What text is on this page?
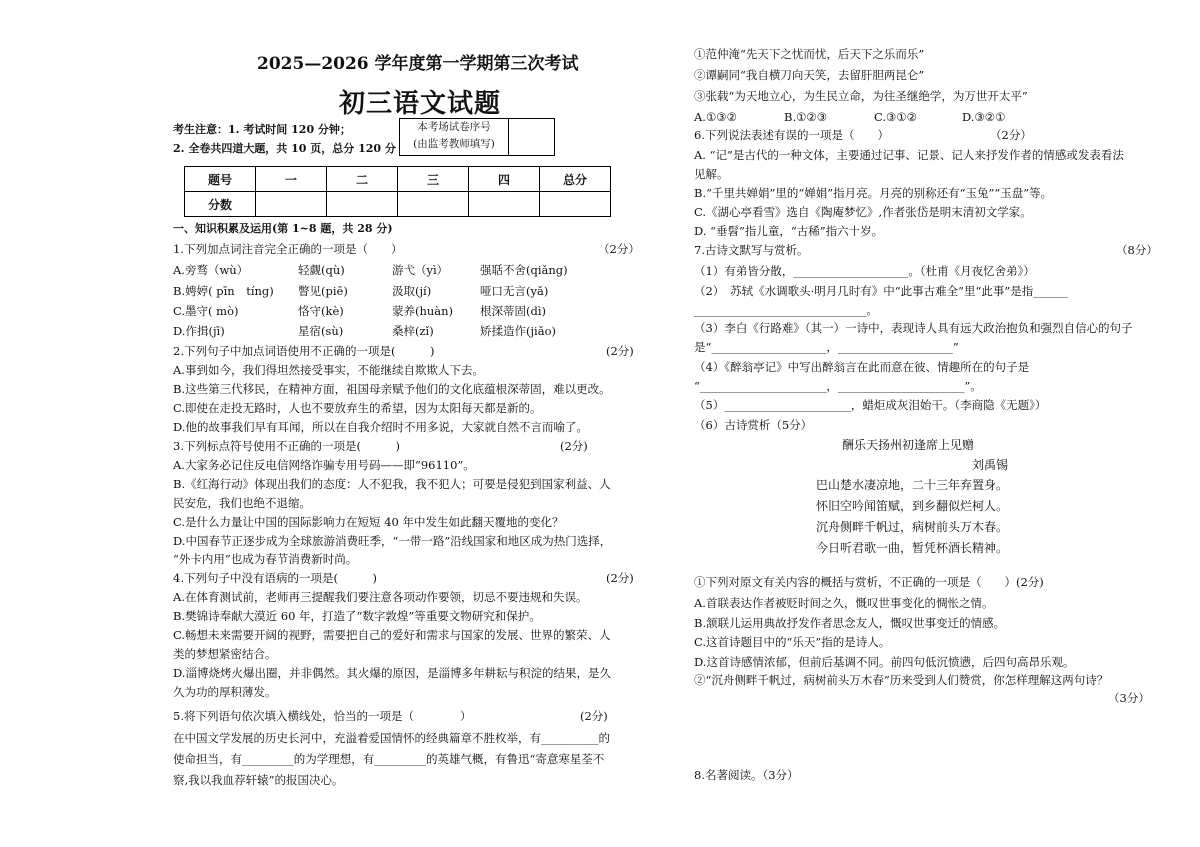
2025—2026 学年度第一学期第三次考试
初三语文试题
考生注意：1. 考试时间 120 分钟；
2. 全卷共四道大题，共 10 页，总分 120 分
本考场试卷序号
(由监考教师填写)
题号	一	二	三	四	总分
分数					
一、知识积累及运用(第 1~8 题，共 28 分)
1.下列加点词注音完全正确的一项是（　　）	（2分）
A.旁骛（wù）	轻觑(qù)	游弋（yì）	强聒不舍(qiǎng)
B.娉婷( pīn　tíng) 瞥见(piē)	汲取(jí)	哑口无言(yǎ)
C.墨守( mò)	恪守(kè)	蒙养(huàn) 根深蒂固(dì)
D.作揖(jī)	星宿(sù)	桑梓(zǐ)	矫揉造作(jiǎo)
2.下列句子中加点词语使用不正确的一项是(　　　)	(2分)
A.事到如今，我们得坦然接受事实，不能继续自欺欺人下去。
B.这些第三代移民，在精神方面，祖国母亲赋予他们的文化底蕴根深蒂固，难以更改。
C.即使在走投无路时，人也不要放弃生的希望，因为太阳每天都是新的。
D.他的故事我们早有耳闻，所以在自我介绍时不用多说，大家就自然不言而喻了。
3.下列标点符号使用不正确的一项是(　　　)	(2分)
A.大家务必记住反电信网络诈骗专用号码——即“96110”。
B.《红海行动》体现出我们的态度：人不犯我，我不犯人；可要是侵犯到国家利益、人
民安危，我们也绝不退缩。
C.是什么力量让中国的国际影响力在短短 40 年中发生如此翻天覆地的变化？
D.中国春节正逐步成为全球旅游消费旺季，“一带一路”沿线国家和地区成为热门选择，
“外卡内用”也成为春节消费新时尚。
4.下列句子中没有语病的一项是(　　　)	(2分)
A.在体育测试前，老师再三提醒我们要注意各项动作要领，切忌不要违规和失误。
B.樊锦诗奉献大漠近 60 年，打造了“数字敦煌”等重要文物研究和保护。
C.畅想未来需要开阔的视野，需要把自己的爱好和需求与国家的发展、世界的繁荣、人
类的梦想紧密结合。
D.淄博烧烤火爆出圈，并非偶然。其火爆的原因，是淄博多年耕耘与积淀的结果，是久
久为功的厚积薄发。
5.将下列语句依次填入横线处，恰当的一项是（　　　　）	(2分)
在中国文学发展的历史长河中，充溢着爱国情怀的经典篇章不胜枚举，有__________的
使命担当，有_________的为学理想，有_________的英雄气概，有鲁迅“寄意寒星荃不
察,我以我血荐轩辕”的报国决心。
①范仲淹“先天下之忧而忧，后天下之乐而乐”
②谭嗣同“我自横刀向天笑，去留肝胆两昆仑”
③张载“为天地立心，为生民立命，为往圣继绝学，为万世开太平”
A.①③②	B.①②③	C.③①②	D.③②①
6.下列说法表述有误的一项是（　　）	（2分）
A. “记”是古代的一种文体，主要通过记事、记景、记人来抒发作者的情感或发表看法
见解。
B.“千里共婵娟”里的“婵娟”指月亮。月亮的别称还有“玉兔”“玉盘”等。
C.《湖心亭看雪》选自《陶庵梦忆》,作者张岱是明末清初文学家。
D. “垂髫”指儿童，“古稀”指六十岁。
7.古诗文默写与赏析。	（8分）
（1）有弟皆分散，____________________。（杜甫《月夜忆舍弟》）
（2）　苏轼《水调歌头·明月几时有》中“此事古难全”里“此事”是指______
______________________________。
（3）李白《行路难》（其一）一诗中，表现诗人具有远大政治抱负和强烈自信心的句子
是“____________________，____________________”
（4）《醉翁亭记》中写出醉翁言在此而意在彼、情趣所在的句子是
“______________________，______________________”。
（5）______________________，蜡炬成灰泪始干。（李商隐《无题》）
（6）古诗赏析（5分）
酬乐天扬州初逢席上见赠
刘禹锡
巴山楚水凄凉地，二十三年弃置身。
怀旧空吟闻笛赋，到乡翻似烂柯人。
沉舟侧畔千帆过，病树前头万木春。
今日听君歌一曲，暂凭杯酒长精神。
①下列对原文有关内容的概括与赏析，不正确的一项是（　　）(2分)
A.首联表达作者被贬时间之久，慨叹世事变化的惆怅之情。
B.颔联儿运用典故抒发作者思念友人，慨叹世事变迁的情感。
C.这首诗题目中的“乐天”指的是诗人。
D.这首诗感情浓郁，但前后基调不同。前四句低沉愤懑，后四句高昂乐观。
②“沉舟侧畔千帆过，病树前头万木春”历来受到人们赞赏，你怎样理解这两句诗？
（3分）
8.名著阅读。（3分）
